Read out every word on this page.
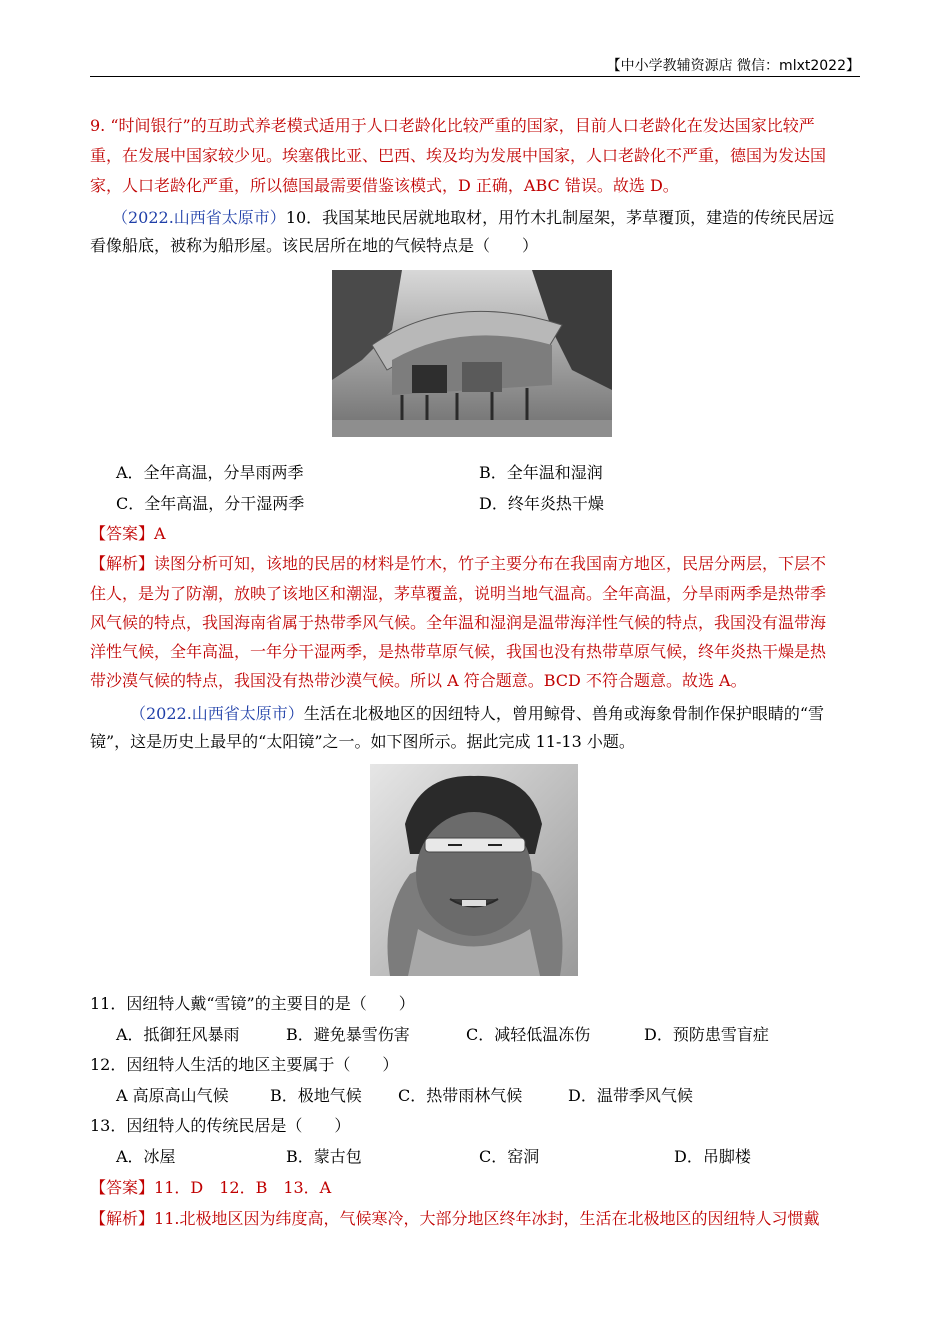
【中小学教辅资源店 微信：mlxt2022】
9. “时间银行”的互助式养老模式适用于人口老龄化比较严重的国家，目前人口老龄化在发达国家比较严
重，在发展中国家较少见。埃塞俄比亚、巴西、埃及均为发展中国家，人口老龄化不严重，德国为发达国
家，人口老龄化严重，所以德国最需要借鉴该模式，D 正确，ABC 错误。故选 D。
（2022.山西省太原市）10．我国某地民居就地取材，用竹木扎制屋架，茅草覆顶，建造的传统民居远
看像船底，被称为船形屋。该民居所在地的气候特点是（　　）
A．全年高温，分旱雨两季	B．全年温和湿润
C．全年高温，分干湿两季	D．终年炎热干燥
【答案】A
【解析】读图分析可知，该地的民居的材料是竹木，竹子主要分布在我国南方地区，民居分两层，下层不
住人，是为了防潮，放映了该地区和潮湿，茅草覆盖，说明当地气温高。全年高温，分旱雨两季是热带季
风气候的特点，我国海南省属于热带季风气候。全年温和湿润是温带海洋性气候的特点，我国没有温带海
洋性气候，全年高温，一年分干湿两季，是热带草原气候，我国也没有热带草原气候，终年炎热干燥是热
带沙漠气候的特点，我国没有热带沙漠气候。所以 A 符合题意。BCD 不符合题意。故选 A。
（2022.山西省太原市）生活在北极地区的因纽特人，曾用鲸骨、兽角或海象骨制作保护眼睛的“雪
镜”，这是历史上最早的“太阳镜”之一。如下图所示。据此完成 11-13 小题。
11．因纽特人戴“雪镜”的主要目的是（　　）
A．抵御狂风暴雨	B．避免暴雪伤害	C．减轻低温冻伤	D．预防患雪盲症
12．因纽特人生活的地区主要属于（　　）
A 高原高山气候	B．极地气候 C．热带雨林气候	D．温带季风气候
13．因纽特人的传统民居是（　　）
A．冰屋	B．蒙古包	C．窑洞	D．吊脚楼
【答案】11．D　12．B　13．A
【解析】11.北极地区因为纬度高，气候寒冷，大部分地区终年冰封，生活在北极地区的因纽特人习惯戴
